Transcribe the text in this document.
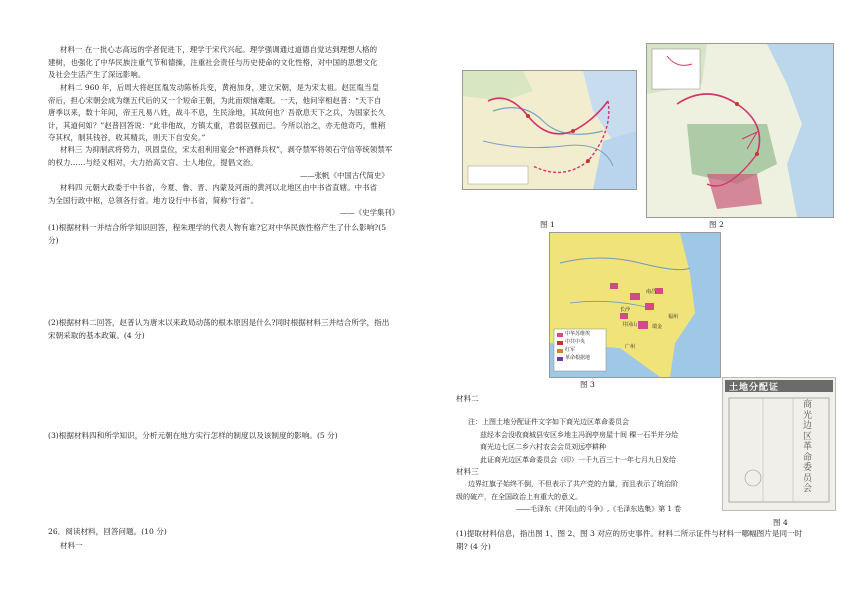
材料一 在一批心志高远的学者促进下，理学于宋代兴起。理学强调通过道德自觉达到理想人格的
建树，也强化了中华民族注重气节和德操，注重社会责任与历史使命的文化性格，对中国的思想文化
及社会生活产生了深远影响。
材料二 960 年，后周大将赵匡胤发动陈桥兵变，黄袍加身，建立宋朝，是为宋太祖。赵匡胤当皇
帝后，担心宋朝会成为继五代后的又一个短命王朝，为此而烦恼难眠。一天，他问宰相赵普：“天下自
唐季以来，数十年间，帝王凡易八姓，战斗不息，生民涂地，其故何也？吾欲息天下之兵，为国家长久
计，其道何如？”赵普回答说：“此非他故，方镇太重，君弱臣强而已。今所以治之，亦无他奇巧，惟稍
夺其权，制其钱谷，收其精兵，则天下自安矣。”
材料三 为抑制武将势力，巩固皇位，宋太祖利用宴会“杯酒释兵权”，剥夺禁军将领石守信等统领禁军
的权力……与经义相对，大力抬高文官、士人地位，提倡文治。
——张帆《中国古代简史》
材料四 元朝大政委于中书省，今夏、鲁、晋、内蒙及河南的黄河以北地区由中书省直辖。中书省
为全国行政中枢，总领各行省。地方设行中书省，简称“行省”。
——《史学集刊》
(1)根据材料一并结合所学知识回答，程朱理学的代表人物有谁?它对中华民族性格产生了什么影响?(5
分)
(2)根据材料二回答，赵普认为唐末以来政局动荡的根本原因是什么?同时根据材料三并结合所学，指出
宋朝采取的基本政策。(4 分)
(3)根据材料四和所学知识，分析元朝在地方实行怎样的制度以及该制度的影响。(5 分)
26．阅读材料，回答问题。(10 分)
材料一
图 1	图 2
南昌
长沙
瑞金
井冈山
广州
福州
中华苏维埃
中共中央
红军
革命根据地
图 3	土地分配证
商光边区革命委员会
图 4
材料二
注：上图土地分配证件文字如下商光边区革命委员会
兹经本会没收商城县安区乡地主冯润亭房屋十间 稞一石半并分给
商光边七区二乡六村农会会员刘远亭耕种
此证商光边区革命委员会（印）一千九百三十一年七月九日发给
材料三
边界红旗子始终不倒，不但表示了共产党的力量，而且表示了统治阶
级的破产，在全国政治上有重大的意义。
——毛泽东《井冈山的斗争》,《毛泽东选集》第 1 卷
(1)提取材料信息，指出图 1、图 2、图 3 对应的历史事件。材料二所示证件与材料一哪幅图片是同一时
期? (4 分)
